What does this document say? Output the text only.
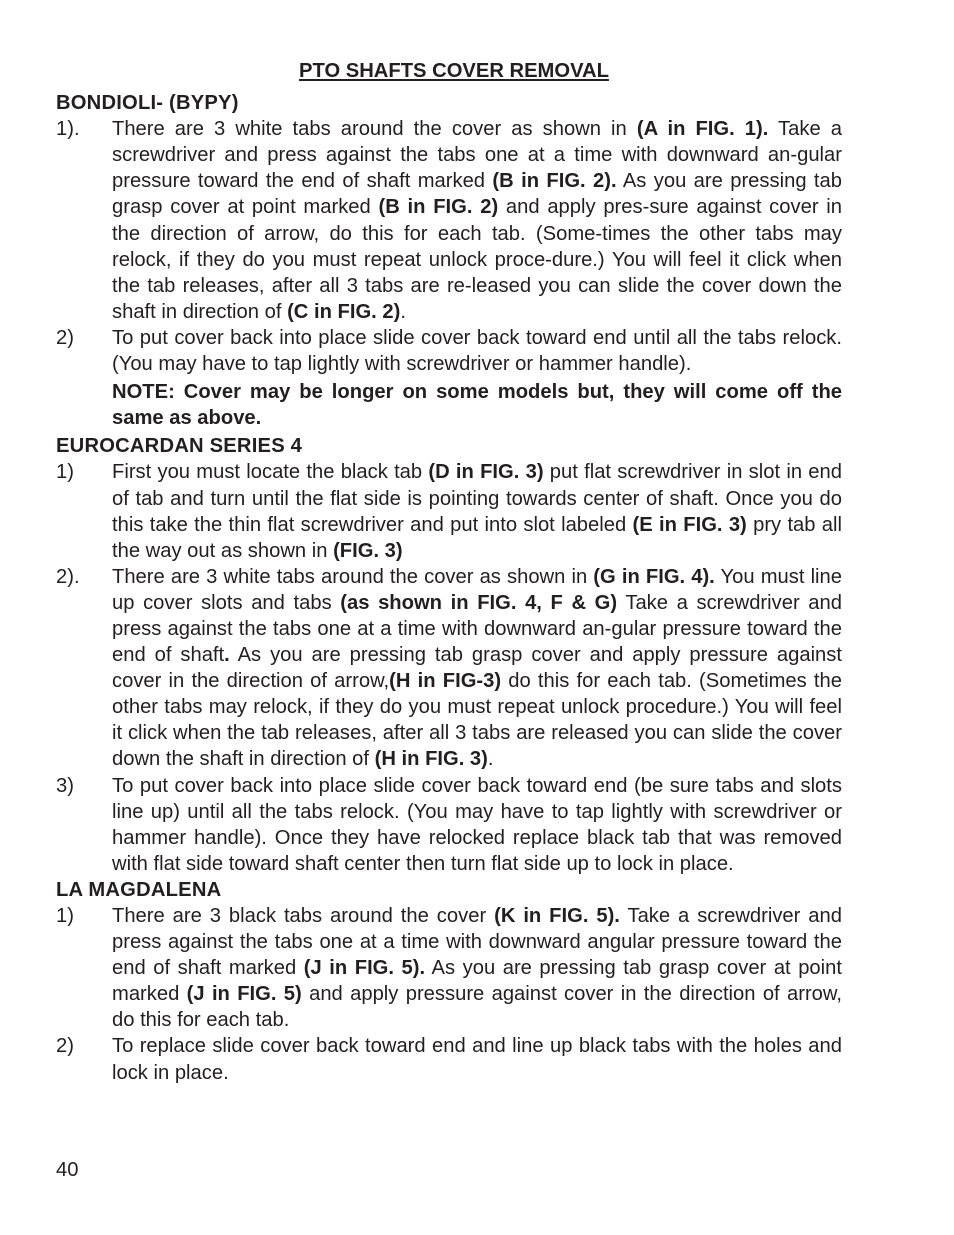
PTO SHAFTS COVER REMOVAL
BONDIOLI- (BYPY)
1).	There are 3 white tabs around the cover as shown in (A in FIG. 1). Take a screwdriver and press against the tabs one at a time with downward an-gular pressure toward the end of shaft marked (B in FIG. 2). As you are pressing tab grasp cover at point marked (B in FIG. 2) and apply pres-sure against cover in the direction of arrow, do this for each tab. (Some-times the other tabs may relock, if they do you must repeat unlock proce-dure.) You will feel it click when the tab releases, after all 3 tabs are re-leased you can slide the cover down the shaft in direction of (C in FIG. 2).
2)	To put cover back into place slide cover back toward end until all the tabs relock. (You may have to tap lightly with screwdriver or hammer handle).
NOTE: Cover may be longer on some models but, they will come off the same as above.
EUROCARDAN SERIES 4
1)	First you must locate the black tab (D in FIG. 3) put flat screwdriver in slot in end of tab and turn until the flat side is pointing towards center of shaft. Once you do this take the thin flat screwdriver and put into slot labeled (E in FIG. 3) pry tab all the way out as shown in (FIG. 3)
2).	There are 3 white tabs around the cover as shown in (G in FIG. 4). You must line up cover slots and tabs (as shown in FIG. 4, F & G) Take a screwdriver and press against the tabs one at a time with downward an-gular pressure toward the end of shaft. As you are pressing tab grasp cover and apply pressure against cover in the direction of arrow,(H in FIG-3) do this for each tab. (Sometimes the other tabs may relock, if they do you must repeat unlock procedure.) You will feel it click when the tab releases, after all 3 tabs are released you can slide the cover down the shaft in direction of (H in FIG. 3).
3)	To put cover back into place slide cover back toward end (be sure tabs and slots line up) until all the tabs relock. (You may have to tap lightly with screwdriver or hammer handle). Once they have relocked replace black tab that was removed with flat side toward shaft center then turn flat side up to lock in place.
LA MAGDALENA
1)	There are 3 black tabs around the cover (K in FIG. 5). Take a screwdriver and press against the tabs one at a time with downward angular pressure toward the end of shaft marked (J in FIG. 5). As you are pressing tab grasp cover at point marked (J in FIG. 5) and apply pressure against cover in the direction of arrow, do this for each tab.
2)	To replace slide cover back toward end and line up black tabs with the holes and lock in place.
40
